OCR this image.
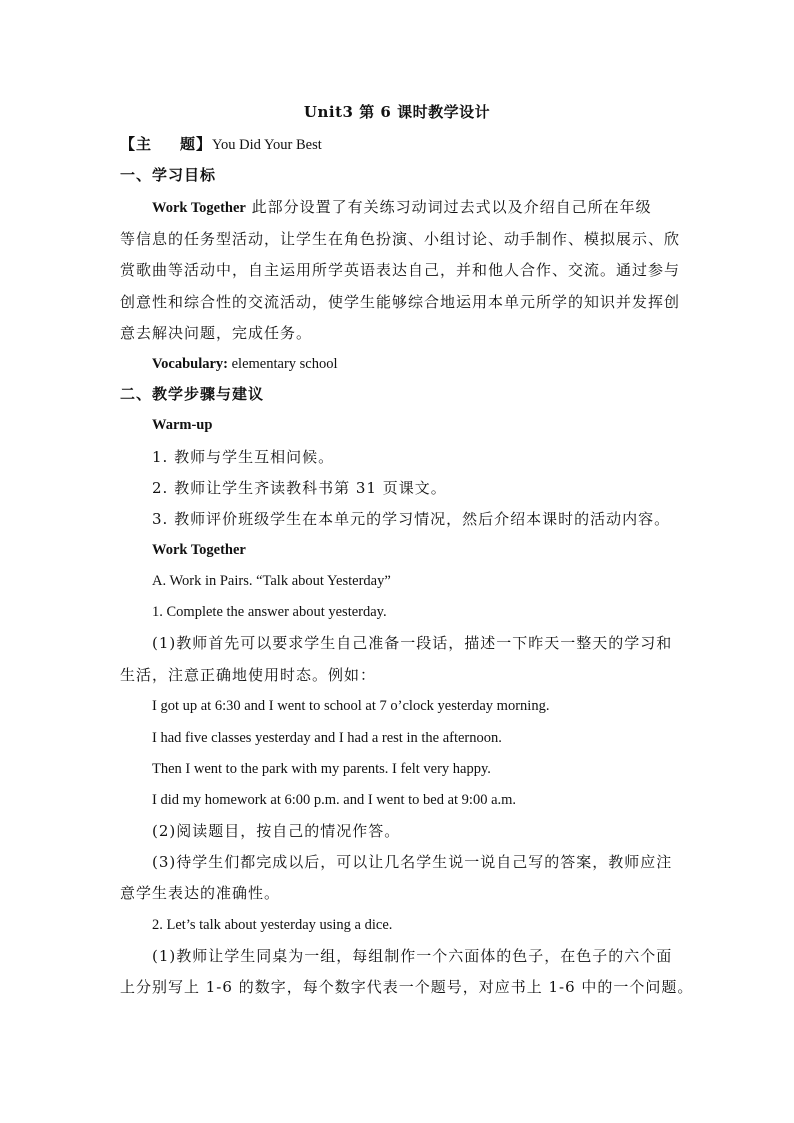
Unit3 第 6 课时教学设计
【主 题】You Did Your Best
一、学习目标
Work Together 此部分设置了有关练习动词过去式以及介绍自己所在年级
等信息的任务型活动，让学生在角色扮演、小组讨论、动手制作、模拟展示、欣
赏歌曲等活动中，自主运用所学英语表达自己，并和他人合作、交流。通过参与
创意性和综合性的交流活动，使学生能够综合地运用本单元所学的知识并发挥创
意去解决问题，完成任务。
Vocabulary: elementary school
二、教学步骤与建议
Warm-up
1. 教师与学生互相问候。
2. 教师让学生齐读教科书第 31 页课文。
3. 教师评价班级学生在本单元的学习情况，然后介绍本课时的活动内容。
Work Together
A. Work in Pairs. “Talk about Yesterday”
1. Complete the answer about yesterday.
(1)教师首先可以要求学生自己准备一段话，描述一下昨天一整天的学习和
生活，注意正确地使用时态。例如：
I got up at 6:30 and I went to school at 7 o’clock yesterday morning.
I had five classes yesterday and I had a rest in the afternoon.
Then I went to the park with my parents. I felt very happy.
I did my homework at 6:00 p.m. and I went to bed at 9:00 a.m.
(2)阅读题目，按自己的情况作答。
(3)待学生们都完成以后，可以让几名学生说一说自己写的答案，教师应注
意学生表达的准确性。
2. Let’s talk about yesterday using a dice.
(1)教师让学生同桌为一组，每组制作一个六面体的色子，在色子的六个面
上分别写上 1-6 的数字，每个数字代表一个题号，对应书上 1-6 中的一个问题。
